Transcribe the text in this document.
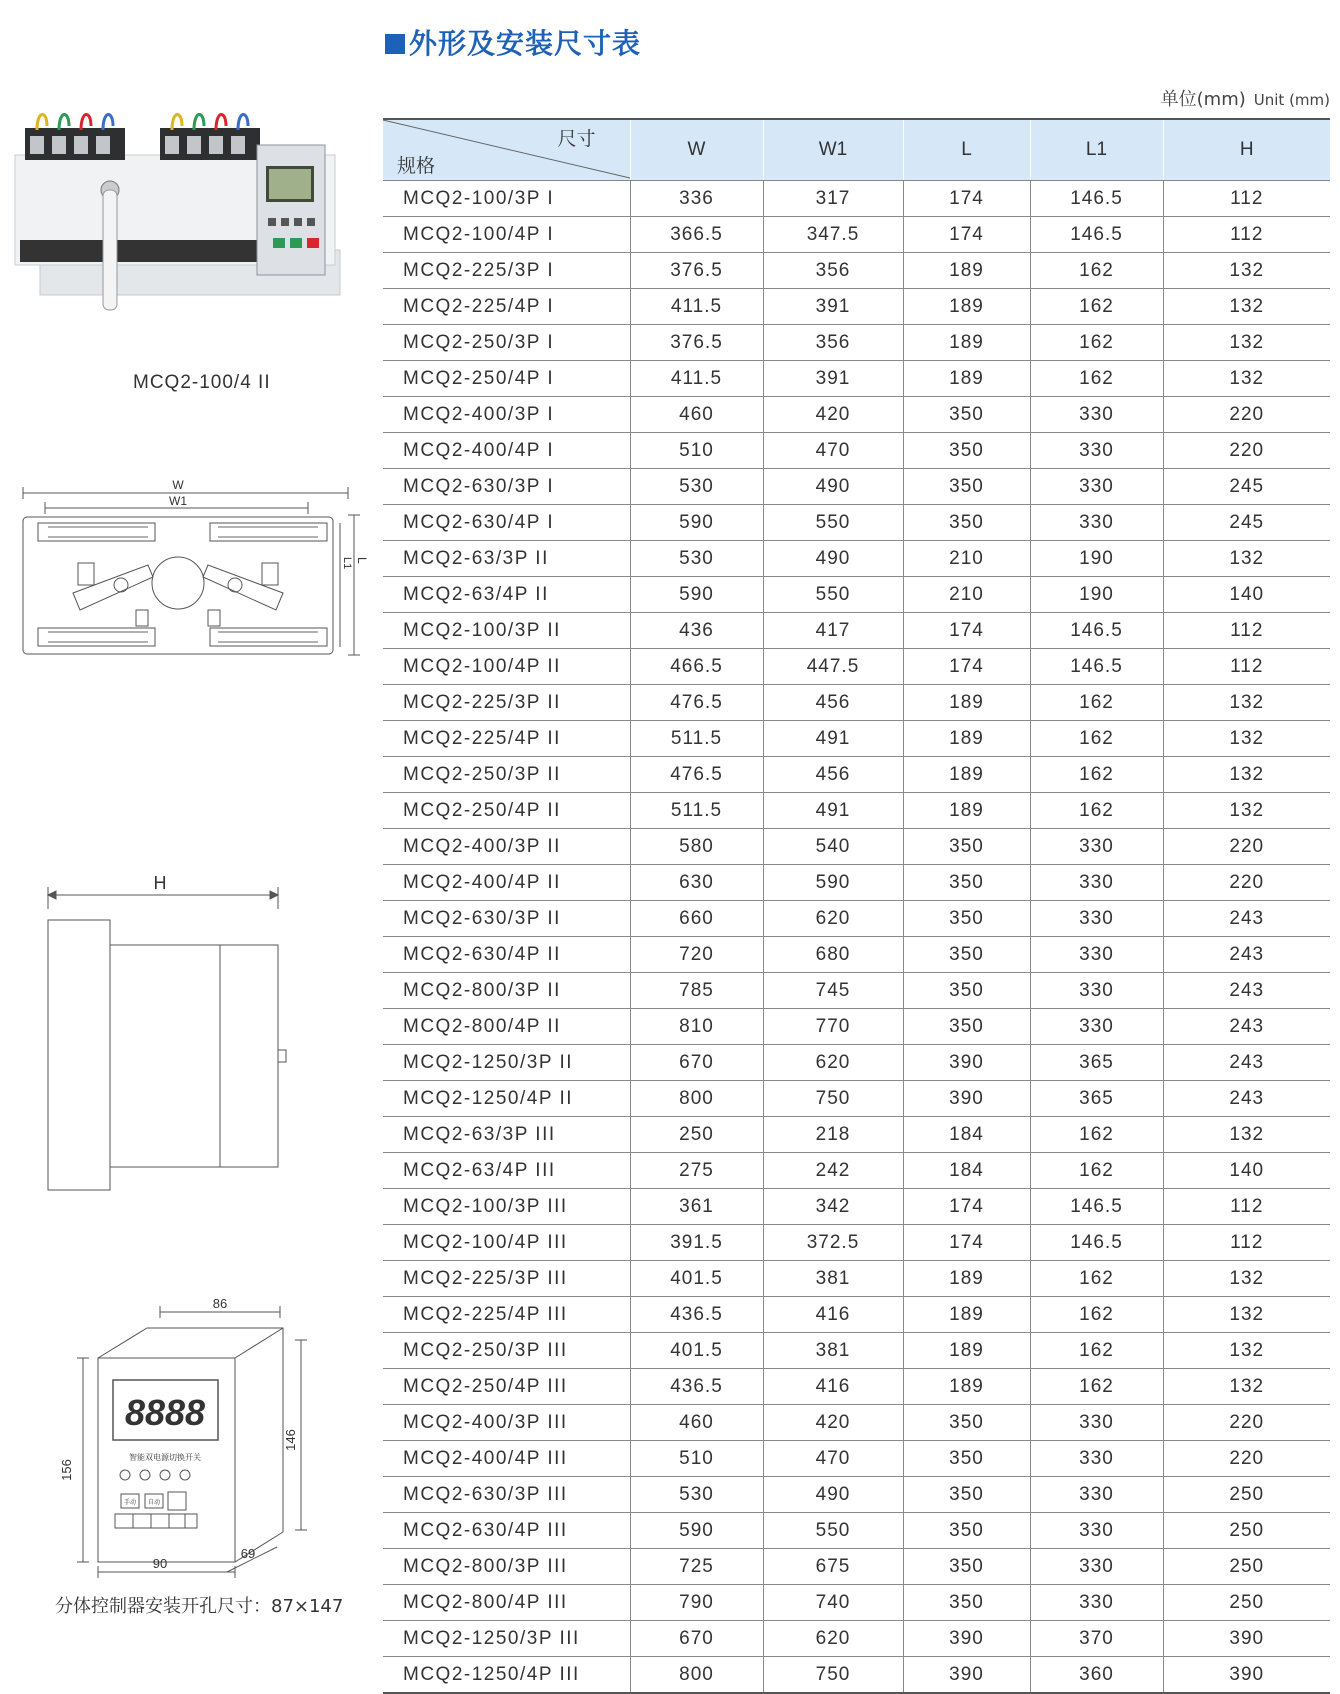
外形及安装尺寸表
单位(mm) Unit (mm)
尺寸
规格	W	W1	L	L1	H
MCQ2-100/3P I	336	317	174	146.5	112
MCQ2-100/4P I	366.5	347.5	174	146.5	112
MCQ2-225/3P I	376.5	356	189	162	132
MCQ2-225/4P I	411.5	391	189	162	132
MCQ2-250/3P I	376.5	356	189	162	132
MCQ2-250/4P I	411.5	391	189	162	132
MCQ2-400/3P I	460	420	350	330	220
MCQ2-400/4P I	510	470	350	330	220
MCQ2-630/3P I	530	490	350	330	245
MCQ2-630/4P I	590	550	350	330	245
MCQ2-63/3P II	530	490	210	190	132
MCQ2-63/4P II	590	550	210	190	140
MCQ2-100/3P II	436	417	174	146.5	112
MCQ2-100/4P II	466.5	447.5	174	146.5	112
MCQ2-225/3P II	476.5	456	189	162	132
MCQ2-225/4P II	511.5	491	189	162	132
MCQ2-250/3P II	476.5	456	189	162	132
MCQ2-250/4P II	511.5	491	189	162	132
MCQ2-400/3P II	580	540	350	330	220
MCQ2-400/4P II	630	590	350	330	220
MCQ2-630/3P II	660	620	350	330	243
MCQ2-630/4P II	720	680	350	330	243
MCQ2-800/3P II	785	745	350	330	243
MCQ2-800/4P II	810	770	350	330	243
MCQ2-1250/3P II	670	620	390	365	243
MCQ2-1250/4P II	800	750	390	365	243
MCQ2-63/3P III	250	218	184	162	132
MCQ2-63/4P III	275	242	184	162	140
MCQ2-100/3P III	361	342	174	146.5	112
MCQ2-100/4P III	391.5	372.5	174	146.5	112
MCQ2-225/3P III	401.5	381	189	162	132
MCQ2-225/4P III	436.5	416	189	162	132
MCQ2-250/3P III	401.5	381	189	162	132
MCQ2-250/4P III	436.5	416	189	162	132
MCQ2-400/3P III	460	420	350	330	220
MCQ2-400/4P III	510	470	350	330	220
MCQ2-630/3P III	530	490	350	330	250
MCQ2-630/4P III	590	550	350	330	250
MCQ2-800/3P III	725	675	350	330	250
MCQ2-800/4P III	790	740	350	330	250
MCQ2-1250/3P III	670	620	390	370	390
MCQ2-1250/4P III	800	750	390	360	390
MCQ2-100/4 II
W
W1
L
L1
H
8888
智能双电源切换开关
手动 自动
86
156
146
90
69
分体控制器安装开孔尺寸：87×147
